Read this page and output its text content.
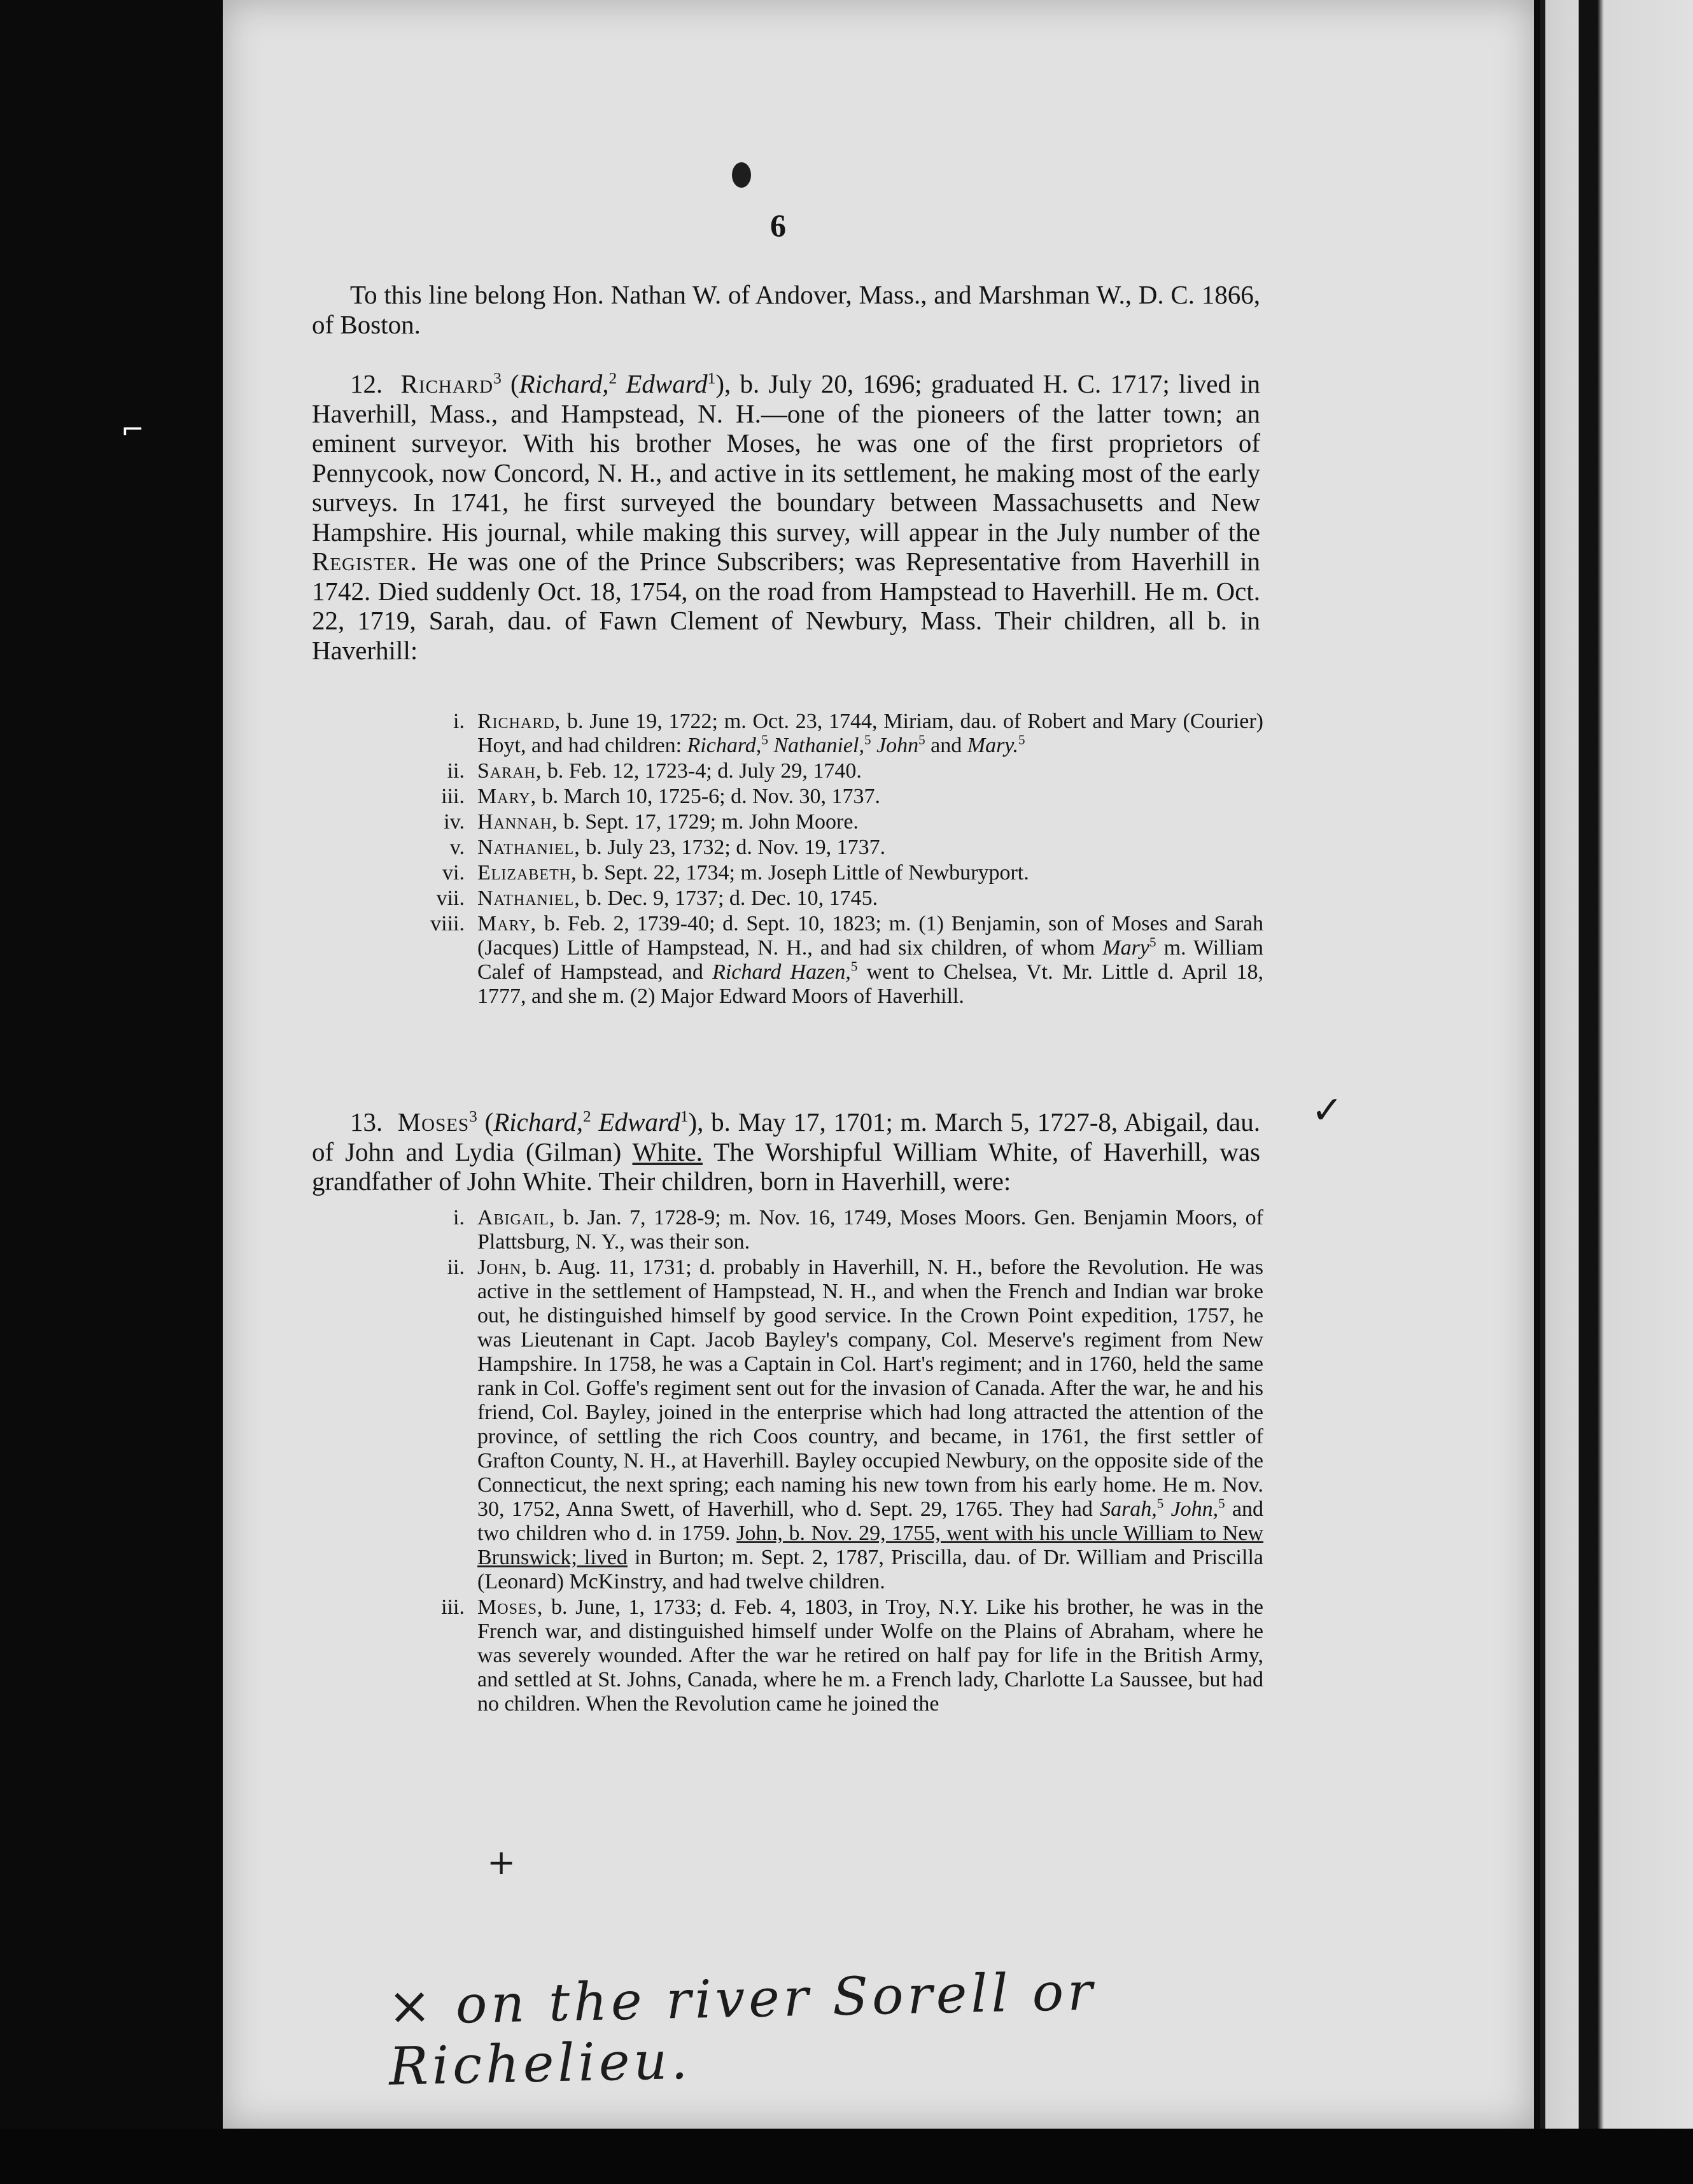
⌐
6

To this line belong Hon. Nathan W. of Andover, Mass., and Marshman W., D. C. 1866, of Boston.

12. Richard$^3$ (Richard,$^2$ Edward$^1$), b. July 20, 1696; graduated H. C. 1717; lived in Haverhill, Mass., and Hampstead, N. H.—one of the pioneers of the latter town; an eminent surveyor. With his brother Moses, he was one of the first proprietors of Pennycook, now Concord, N. H., and active in its settlement, he making most of the early surveys. In 1741, he first surveyed the boundary between Massachusetts and New Hampshire. His journal, while making this survey, will appear in the July number of the Register. He was one of the Prince Subscribers; was Representative from Haverhill in 1742. Died suddenly Oct. 18, 1754, on the road from Hampstead to Haverhill. He m. Oct. 22, 1719, Sarah, dau. of Fawn Clement of Newbury, Mass. Their children, all b. in Haverhill:

i. Richard, b. June 19, 1722; m. Oct. 23, 1744, Miriam, dau. of Robert and Mary (Courier) Hoyt, and had children: Richard,$^5$ Nathaniel,$^5$ John$^5$ and Mary.$^5$
ii. Sarah, b. Feb. 12, 1723-4; d. July 29, 1740.
iii. Mary, b. March 10, 1725-6; d. Nov. 30, 1737.
iv. Hannah, b. Sept. 17, 1729; m. John Moore.
v. Nathaniel, b. July 23, 1732; d. Nov. 19, 1737.
vi. Elizabeth, b. Sept. 22, 1734; m. Joseph Little of Newburyport.
vii. Nathaniel, b. Dec. 9, 1737; d. Dec. 10, 1745.
viii. Mary, b. Feb. 2, 1739-40; d. Sept. 10, 1823; m. (1) Benjamin, son of Moses and Sarah (Jacques) Little of Hampstead, N. H., and had six children, of whom Mary$^5$ m. William Calef of Hampstead, and Richard Hazen,$^5$ went to Chelsea, Vt. Mr. Little d. April 18, 1777, and she m. (2) Major Edward Moors of Haverhill.

13. Moses$^3$ (Richard,$^2$ Edward$^1$), b. May 17, 1701; m. March 5, 1727-8, Abigail, dau. of John and Lydia (Gilman) White. The Worshipful William White, of Haverhill, was grandfather of John White. Their children, born in Haverhill, were:

i. Abigail, b. Jan. 7, 1728-9; m. Nov. 16, 1749, Moses Moors. Gen. Benjamin Moors, of Plattsburg, N. Y., was their son.
ii. John, b. Aug. 11, 1731; d. probably in Haverhill, N. H., before the Revolution. He was active in the settlement of Hampstead, N. H., and when the French and Indian war broke out, he distinguished himself by good service. In the Crown Point expedition, 1757, he was Lieutenant in Capt. Jacob Bayley's company, Col. Meserve's regiment from New Hampshire. In 1758, he was a Captain in Col. Hart's regiment; and in 1760, held the same rank in Col. Goffe's regiment sent out for the invasion of Canada. After the war, he and his friend, Col. Bayley, joined in the enterprise which had long attracted the attention of the province, of settling the rich Coos country, and became, in 1761, the first settler of Grafton County, N. H., at Haverhill. Bayley occupied Newbury, on the opposite side of the Connecticut, the next spring; each naming his new town from his early home. He m. Nov. 30, 1752, Anna Swett, of Haverhill, who d. Sept. 29, 1765. They had Sarah,$^5$ John,$^5$ and two children who d. in 1759. John, b. Nov. 29, 1755, went with his uncle William to New Brunswick; lived in Burton; m. Sept. 2, 1787, Priscilla, dau. of Dr. William and Priscilla (Leonard) McKinstry, and had twelve children.
iii. Moses, b. June, 1, 1733; d. Feb. 4, 1803, in Troy, N.Y. Like his brother, he was in the French war, and distinguished himself under Wolfe on the Plains of Abraham, where he was severely wounded. After the war he retired on half pay for life in the British Army, and settled at St. Johns, Canada, where he m. a French lady, Charlotte La Saussee, but had no children. When the Revolution came he joined the
✓
+
× on the river Sorell or Richelieu.
